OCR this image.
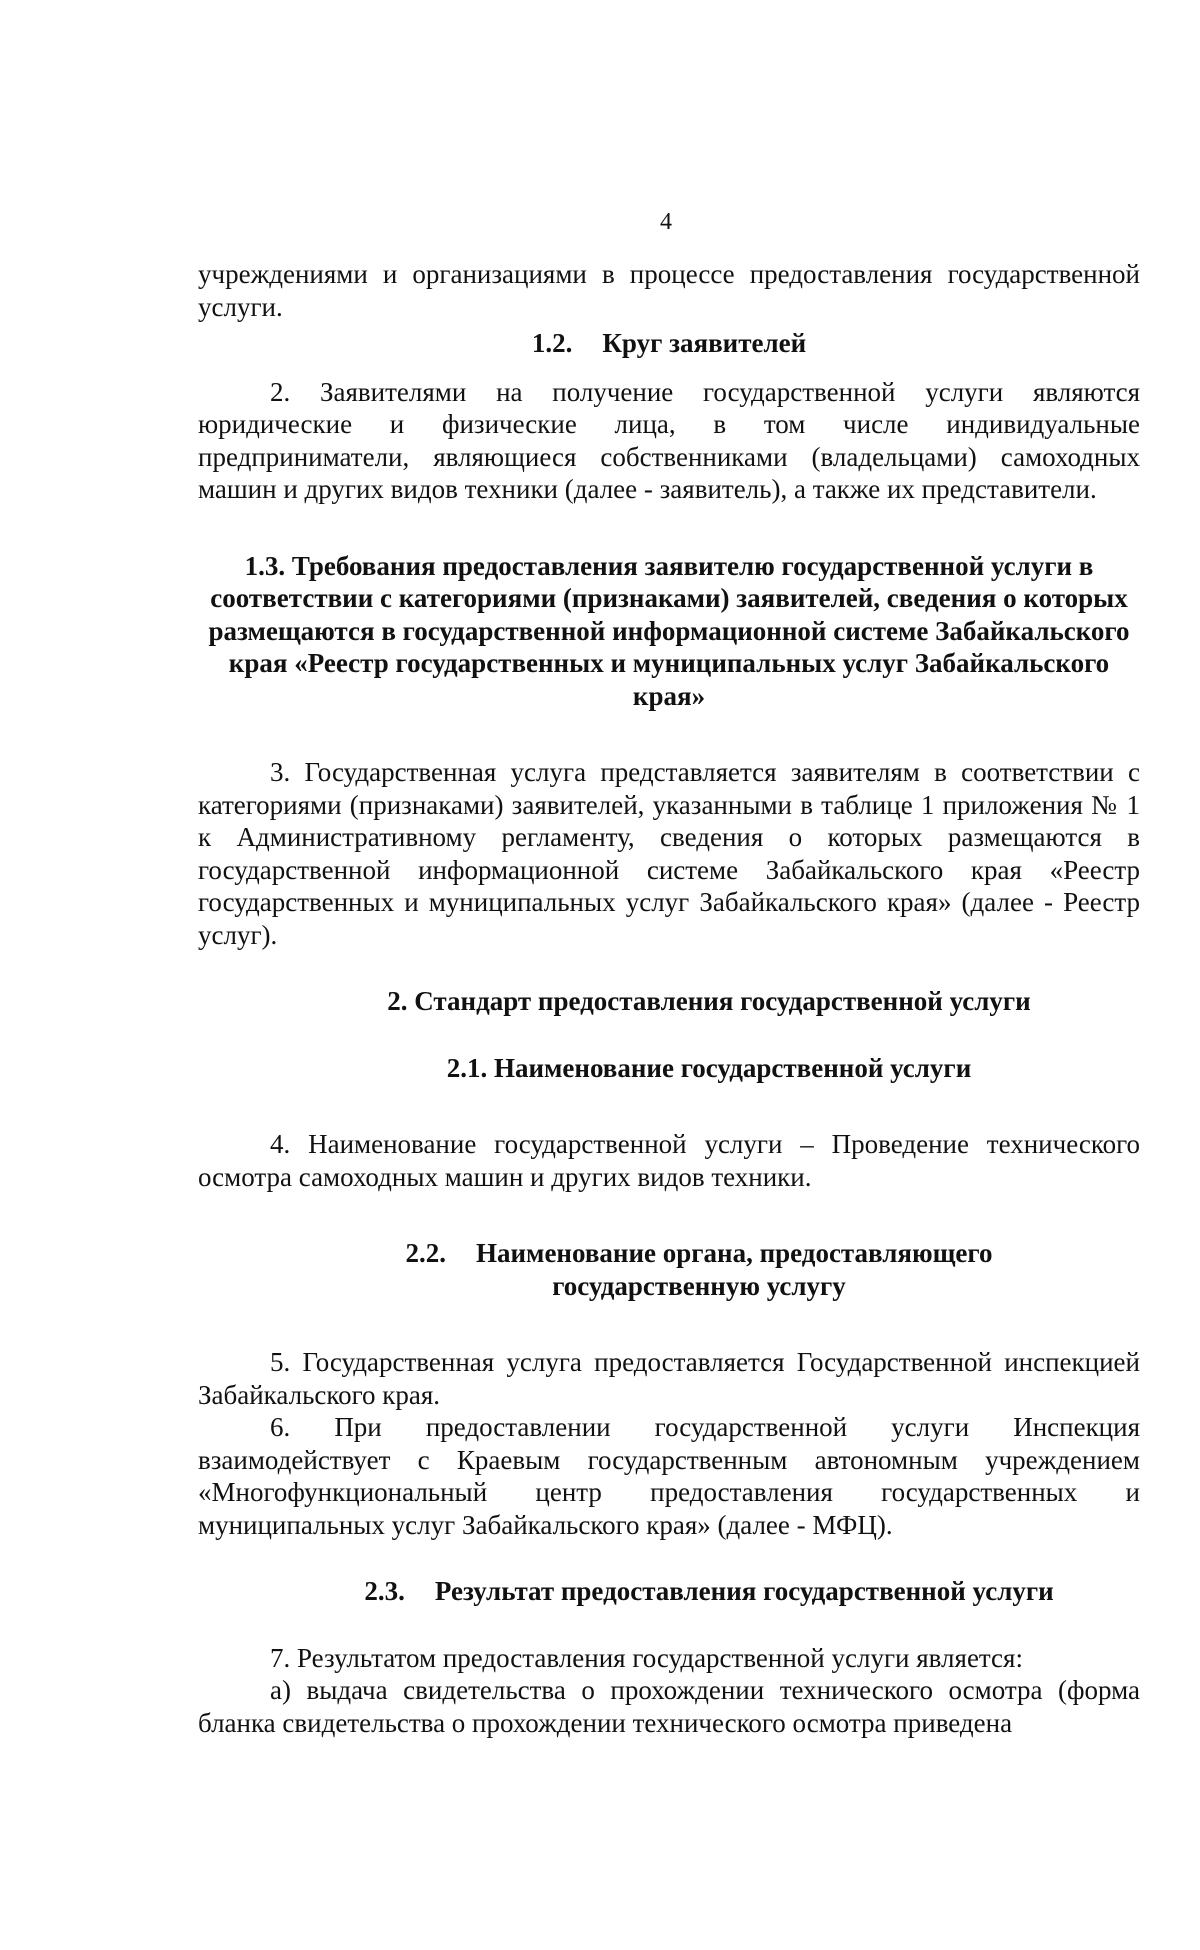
4

учреждениями и организациями в процессе предоставления государственной услуги.

1.2. Круг заявителей

2. Заявителями на получение государственной услуги являются юридические и физические лица, в том числе индивидуальные предприниматели, являющиеся собственниками (владельцами) самоходных машин и других видов техники (далее - заявитель), а также их представители.

1.3. Требования предоставления заявителю государственной услуги в соответствии с категориями (признаками) заявителей, сведения о которых размещаются в государственной информационной системе Забайкальского края «Реестр государственных и муниципальных услуг Забайкальского края»

3. Государственная услуга представляется заявителям в соответствии с категориями (признаками) заявителей, указанными в таблице 1 приложения № 1 к Административному регламенту, сведения о которых размещаются в государственной информационной системе Забайкальского края «Реестр государственных и муниципальных услуг Забайкальского края» (далее - Реестр услуг).

2. Стандарт предоставления государственной услуги
2.1. Наименование государственной услуги

4. Наименование государственной услуги – Проведение технического осмотра самоходных машин и других видов техники.

2.2. Наименование органа, предоставляющего государственную услугу

5. Государственная услуга предоставляется Государственной инспекцией Забайкальского края.

6. При предоставлении государственной услуги Инспекция взаимодействует с Краевым государственным автономным учреждением «Многофункциональный центр предоставления государственных и муниципальных услуг Забайкальского края» (далее - МФЦ).

2.3. Результат предоставления государственной услуги

7. Результатом предоставления государственной услуги является:

а) выдача свидетельства о прохождении технического осмотра (форма бланка свидетельства о прохождении технического осмотра приведена
